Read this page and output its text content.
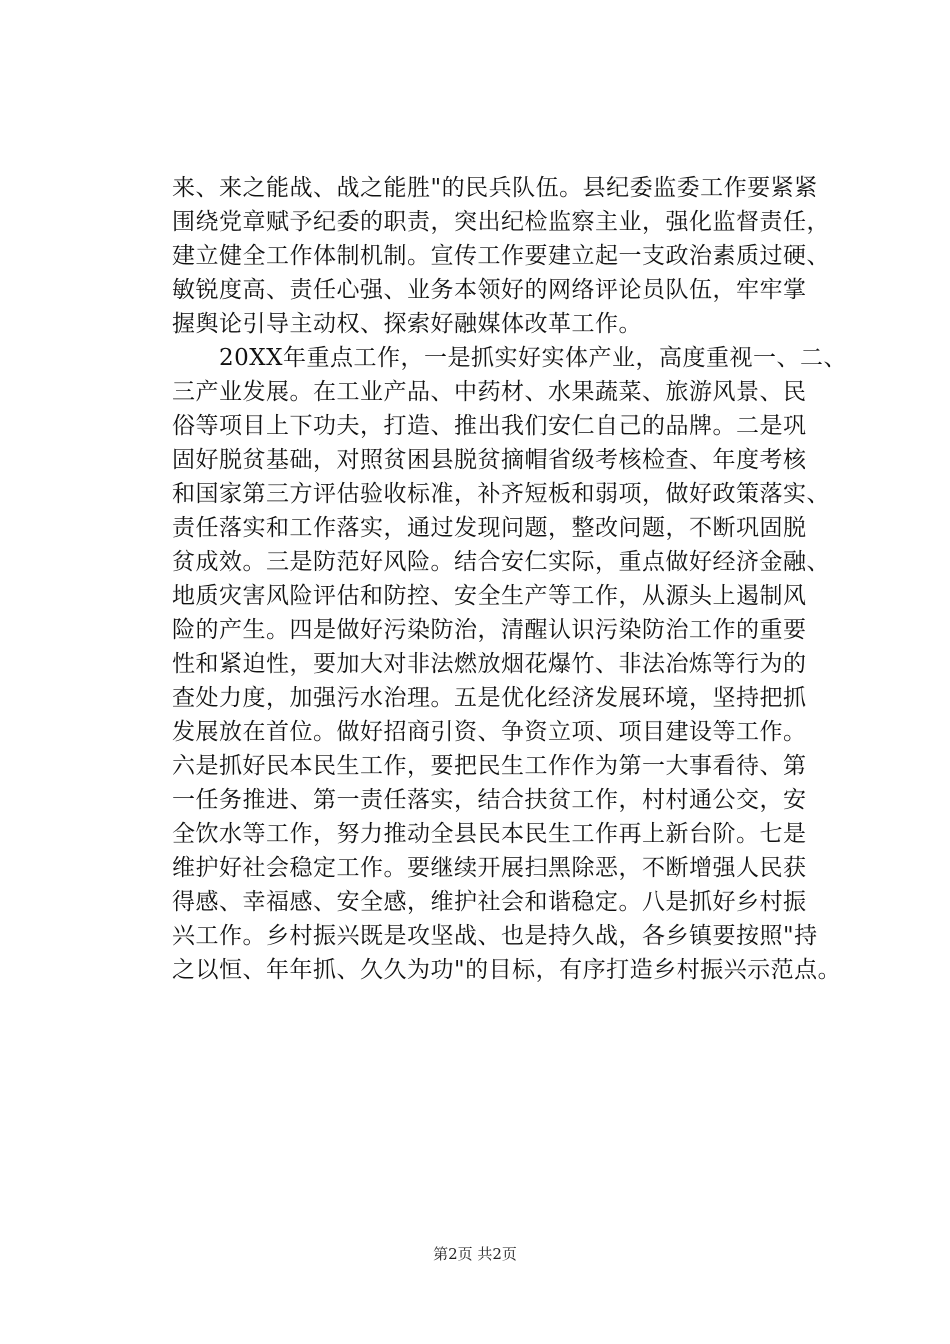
来、来之能战、战之能胜"的民兵队伍。县纪委监委工作要紧紧
围绕党章赋予纪委的职责，突出纪检监察主业，强化监督责任，
建立健全工作体制机制。宣传工作要建立起一支政治素质过硬、
敏锐度高、责任心强、业务本领好的网络评论员队伍，牢牢掌
握舆论引导主动权、探索好融媒体改革工作。
20XX年重点工作，一是抓实好实体产业，高度重视一、二、
三产业发展。在工业产品、中药材、水果蔬菜、旅游风景、民
俗等项目上下功夫，打造、推出我们安仁自己的品牌。二是巩
固好脱贫基础，对照贫困县脱贫摘帽省级考核检查、年度考核
和国家第三方评估验收标准，补齐短板和弱项，做好政策落实、
责任落实和工作落实，通过发现问题，整改问题，不断巩固脱
贫成效。三是防范好风险。结合安仁实际，重点做好经济金融、
地质灾害风险评估和防控、安全生产等工作，从源头上遏制风
险的产生。四是做好污染防治，清醒认识污染防治工作的重要
性和紧迫性，要加大对非法燃放烟花爆竹、非法冶炼等行为的
查处力度，加强污水治理。五是优化经济发展环境，坚持把抓
发展放在首位。做好招商引资、争资立项、项目建设等工作。
六是抓好民本民生工作，要把民生工作作为第一大事看待、第
一任务推进、第一责任落实，结合扶贫工作，村村通公交，安
全饮水等工作，努力推动全县民本民生工作再上新台阶。七是
维护好社会稳定工作。要继续开展扫黑除恶，不断增强人民获
得感、幸福感、安全感，维护社会和谐稳定。八是抓好乡村振
兴工作。乡村振兴既是攻坚战、也是持久战，各乡镇要按照"持
之以恒、年年抓、久久为功"的目标，有序打造乡村振兴示范点。
第2页 共2页
